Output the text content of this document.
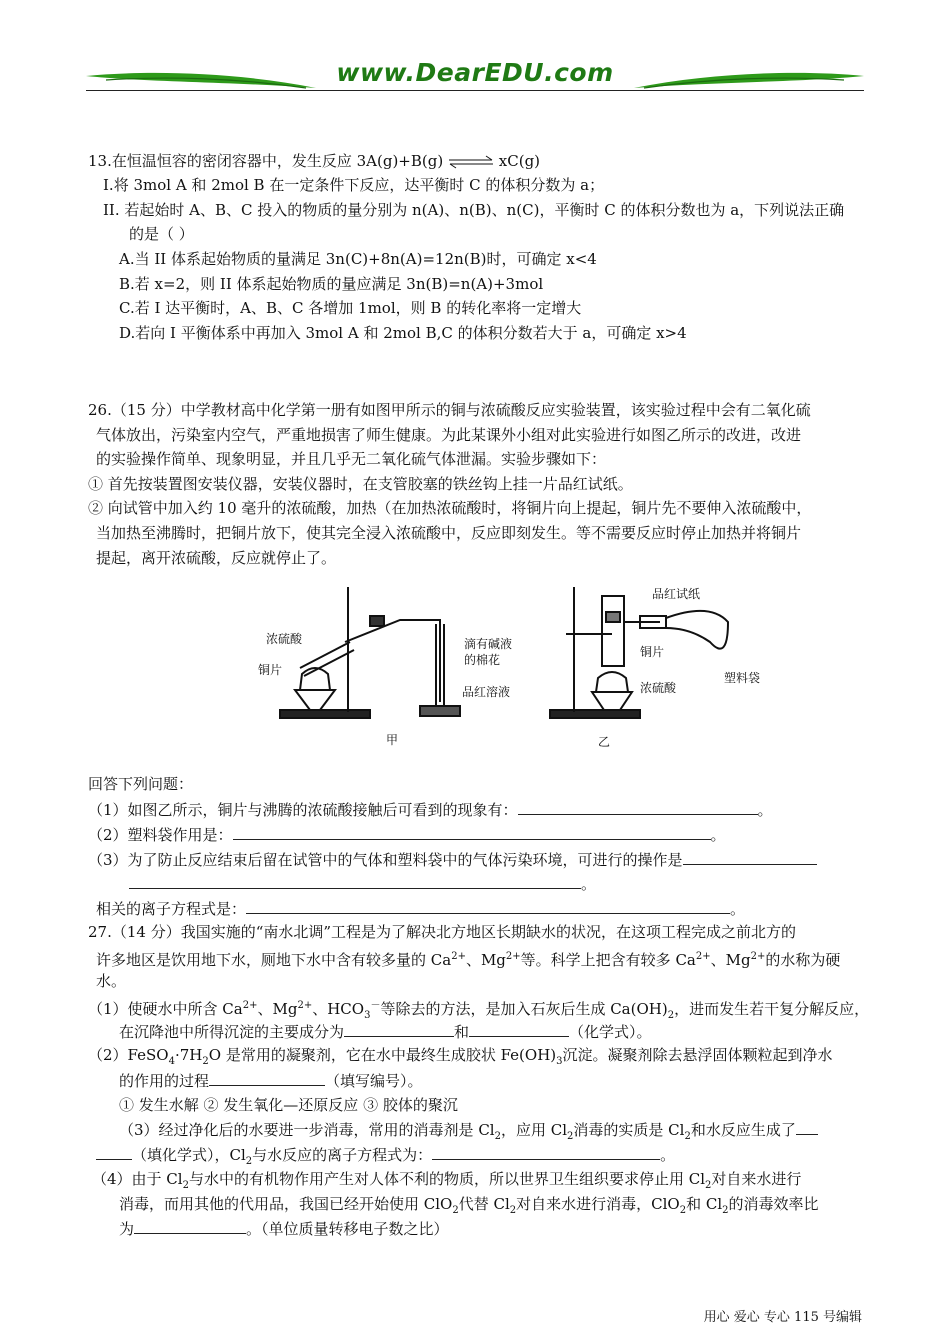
www.DearEDU.com
13.在恒温恒容的密闭容器中，发生反应 3A(g)+B(g) ⇌ xC(g)
I.将 3mol A 和 2mol B 在一定条件下反应，达平衡时 C 的体积分数为 a；
II. 若起始时 A、B、C 投入的物质的量分别为 n(A)、n(B)、n(C)，平衡时 C 的体积分数也为 a，下列说法正确
的是（ ）
A.当 II 体系起始物质的量满足 3n(C)+8n(A)=12n(B)时，可确定 x<4
B.若 x=2，则 II 体系起始物质的量应满足 3n(B)=n(A)+3mol
C.若 I 达平衡时，A、B、C 各增加 1mol，则 B 的转化率将一定增大
D.若向 I 平衡体系中再加入 3mol A 和 2mol B,C 的体积分数若大于 a，可确定 x>4
26.（15 分）中学教材高中化学第一册有如图甲所示的铜与浓硫酸反应实验装置，该实验过程中会有二氧化硫
气体放出，污染室内空气，严重地损害了师生健康。为此某课外小组对此实验进行如图乙所示的改进，改进
的实验操作简单、现象明显，并且几乎无二氧化硫气体泄漏。实验步骤如下：
① 首先按装置图安装仪器，安装仪器时，在支管胶塞的铁丝钩上挂一片品红试纸。
② 向试管中加入约 10 毫升的浓硫酸，加热（在加热浓硫酸时，将铜片向上提起，铜片先不要伸入浓硫酸中，
当加热至沸腾时，把铜片放下，使其完全浸入浓硫酸中，反应即刻发生。等不需要反应时停止加热并将铜片
提起，离开浓硫酸，反应就停止了。
浓硫酸
铜片
滴有碱液
的棉花
品红溶液
甲
品红试纸
铜片
浓硫酸
塑料袋
乙
回答下列问题：
（1）如图乙所示，铜片与沸腾的浓硫酸接触后可看到的现象有：	。
（2）塑料袋作用是：	。
（3）为了防止反应结束后留在试管中的气体和塑料袋中的气体污染环境，可进行的操作是
。
相关的离子方程式是：	。
27.（14 分）我国实施的“南水北调”工程是为了解决北方地区长期缺水的状况，在这项工程完成之前北方的
许多地区是饮用地下水，厕地下水中含有较多量的 $Ca^{2+}$、$Mg^{2+}$等。科学上把含有较多 $Ca^{2+}$、$Mg^{2+}$的水称为硬
水。
（1）使硬水中所含 $Ca^{2+}$、$Mg^{2+}$、$HCO_3^-$等除去的方法，是加入石灰后生成 $Ca(OH)_2$，进而发生若干复分解反应，
在沉降池中所得沉淀的主要成分为	和	（化学式）。
$(2)FeSO_4\cdot 7H_2O$ 是常用的凝聚剂，它在水中最终生成胶状 $Fe(OH)_3$沉淀。凝聚剂除去悬浮固体颗粒起到净水
的作用的过程	（填写编号）。
① 发生水解 ② 发生氧化—还原反应 ③ 胶体的聚沉
（3）经过净化后的水要进一步消毒，常用的消毒剂是 $Cl_2$，应用 $Cl_2$消毒的实质是 $Cl_2$和水反应生成了
（填化学式），$Cl_2$与水反应的离子方程式为：	。
（4）由于 $Cl_2$与水中的有机物作用产生对人体不利的物质，所以世界卫生组织要求停止用 $Cl_2$对自来水进行
消毒，而用其他的代用品，我国已经开始使用 ClO$_2$代替 $Cl_2$对自来水进行消毒，ClO$_2$和 $Cl_2$的消毒效率比
为	。（单位质量转移电子数之比）
用心 爱心 专心 115 号编辑
